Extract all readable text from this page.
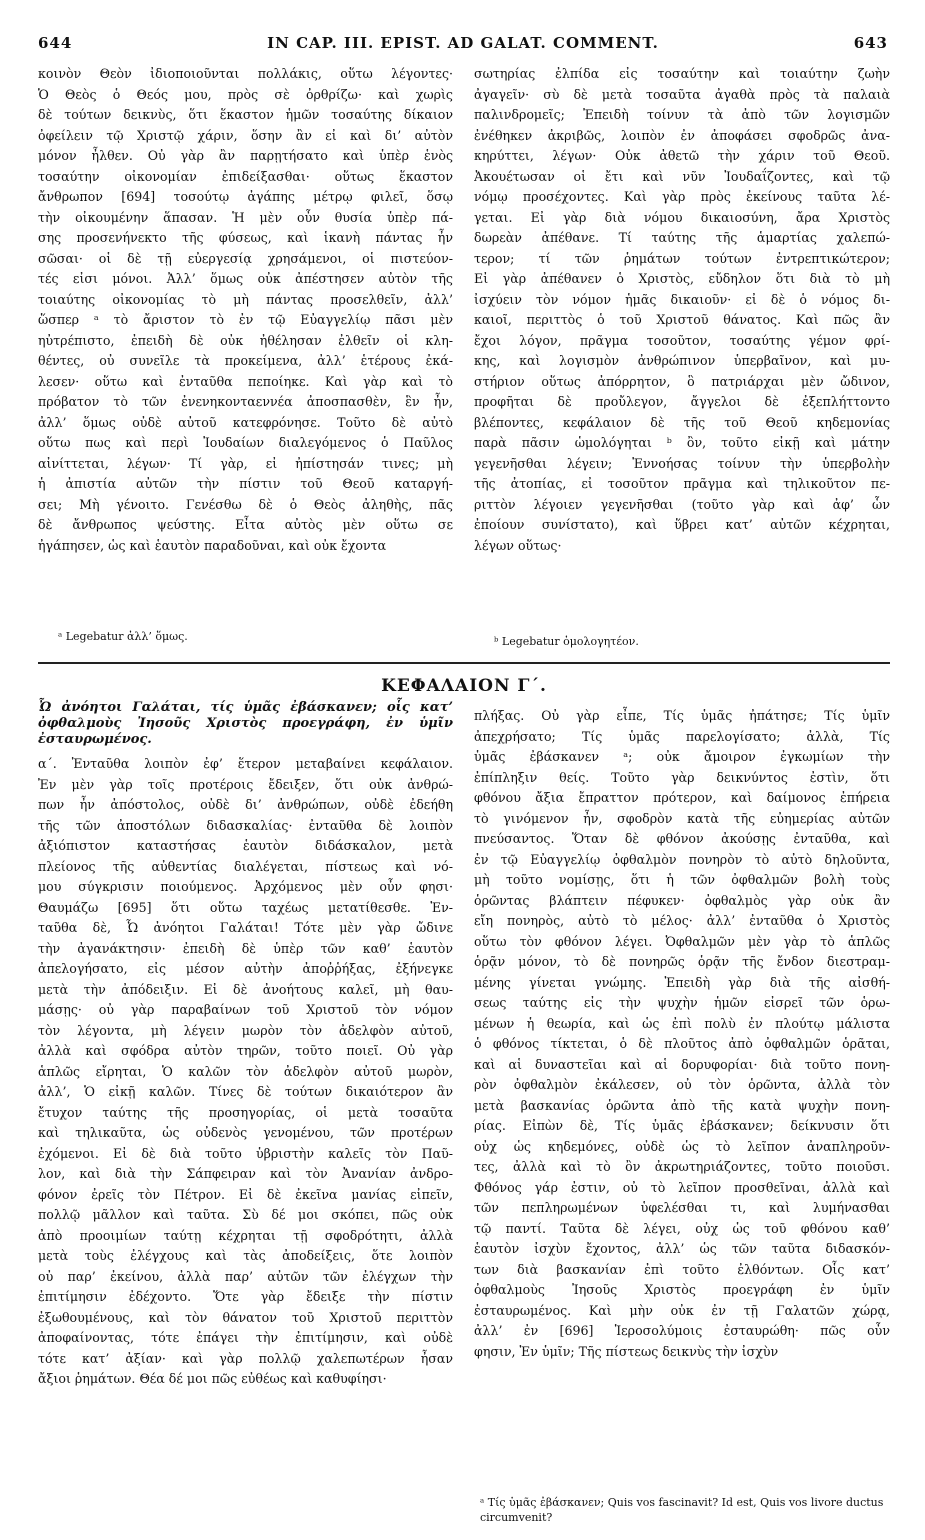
644	IN CAP. III. EPIST. AD GALAT. COMMENT.	643
κοινὸν Θεὸν ἰδιοποιοῦνται πολλάκις, οὕτω λέγοντες·
Ὁ Θεὸς ὁ Θεός μου, πρὸς σὲ ὀρθρίζω· καὶ χωρὶς
δὲ τούτων δεικνὺς, ὅτι ἕκαστον ἡμῶν τοσαύτης δίκαιον
ὀφείλειν τῷ Χριστῷ χάριν, ὅσην ἂν εἰ καὶ δι’ αὐτὸν
μόνον ἦλθεν. Οὐ γὰρ ἂν παρῃτήσατο καὶ ὑπὲρ ἑνὸς
τοσαύτην οἰκονομίαν ἐπιδείξασθαι· οὕτως ἕκαστον
ἄνθρωπον [694] τοσούτῳ ἀγάπης μέτρῳ φιλεῖ, ὅσῳ
τὴν οἰκουμένην ἅπασαν. Ἡ μὲν οὖν θυσία ὑπὲρ πά-
σης προσενήνεκτο τῆς φύσεως, καὶ ἱκανὴ πάντας ἦν
σῶσαι· οἱ δὲ τῇ εὐεργεσίᾳ χρησάμενοι, οἱ πιστεύον-
τές εἰσι μόνοι. Ἀλλ’ ὅμως οὐκ ἀπέστησεν αὐτὸν τῆς
τοιαύτης οἰκονομίας τὸ μὴ πάντας προσελθεῖν, ἀλλ’
ὥσπερ ᵃ τὸ ἄριστον τὸ ἐν τῷ Εὐαγγελίῳ πᾶσι μὲν
ηὐτρέπιστο, ἐπειδὴ δὲ οὐκ ἠθέλησαν ἐλθεῖν οἱ κλη-
θέντες, οὐ συνεῖλε τὰ προκείμενα, ἀλλ’ ἑτέρους ἐκά-
λεσεν· οὕτω καὶ ἐνταῦθα πεποίηκε. Καὶ γὰρ καὶ τὸ
πρόβατον τὸ τῶν ἐνενηκονταεννέα ἀποσπασθὲν, ἓν ἦν,
ἀλλ’ ὅμως οὐδὲ αὐτοῦ κατεφρόνησε. Τοῦτο δὲ αὐτὸ
οὕτω πως καὶ περὶ Ἰουδαίων διαλεγόμενος ὁ Παῦλος
αἰνίττεται, λέγων· Τί γὰρ, εἰ ἠπίστησάν τινες; μὴ
ἡ ἀπιστία αὐτῶν τὴν πίστιν τοῦ Θεοῦ καταργή-
σει; Μὴ γένοιτο. Γενέσθω δὲ ὁ Θεὸς ἀληθὴς, πᾶς
δὲ ἄνθρωπος ψεύστης. Εἶτα αὐτὸς μὲν οὕτω σε
ἠγάπησεν, ὡς καὶ ἑαυτὸν παραδοῦναι, καὶ οὐκ ἔχοντα
ᵃ Legebatur ἀλλ’ ὅμως.
σωτηρίας ἐλπίδα εἰς τοσαύτην καὶ τοιαύτην ζωὴν
ἀγαγεῖν· σὺ δὲ μετὰ τοσαῦτα ἀγαθὰ πρὸς τὰ παλαιὰ
παλινδρομεῖς; Ἐπειδὴ τοίνυν τὰ ἀπὸ τῶν λογισμῶν
ἐνέθηκεν ἀκριβῶς, λοιπὸν ἐν ἀποφάσει σφοδρῶς ἀνα-
κηρύττει, λέγων· Οὐκ ἀθετῶ τὴν χάριν τοῦ Θεοῦ.
Ἀκουέτωσαν οἱ ἔτι καὶ νῦν Ἰουδαΐζοντες, καὶ τῷ
νόμῳ προσέχοντες. Καὶ γὰρ πρὸς ἐκείνους ταῦτα λέ-
γεται. Εἰ γὰρ διὰ νόμου δικαιοσύνη, ἄρα Χριστὸς
δωρεὰν ἀπέθανε. Τί ταύτης τῆς ἁμαρτίας χαλεπώ-
τερον; τί τῶν ῥημάτων τούτων ἐντρεπτικώτερον;
Εἰ γὰρ ἀπέθανεν ὁ Χριστὸς, εὔδηλον ὅτι διὰ τὸ μὴ
ἰσχύειν τὸν νόμον ἡμᾶς δικαιοῦν· εἰ δὲ ὁ νόμος δι-
καιοῖ, περιττὸς ὁ τοῦ Χριστοῦ θάνατος. Καὶ πῶς ἂν
ἔχοι λόγον, πρᾶγμα τοσοῦτον, τοσαύτης γέμον φρί-
κης, καὶ λογισμὸν ἀνθρώπινον ὑπερβαῖνον, καὶ μυ-
στήριον οὕτως ἀπόρρητον, ὃ πατριάρχαι μὲν ὤδινον,
προφῆται δὲ προὔλεγον, ἄγγελοι δὲ ἐξεπλήττοντο
βλέποντες, κεφάλαιον δὲ τῆς τοῦ Θεοῦ κηδεμονίας
παρὰ πᾶσιν ὡμολόγηται ᵇ ὂν, τοῦτο εἰκῇ καὶ μάτην
γεγενῆσθαι λέγειν; Ἐννοήσας τοίνυν τὴν ὑπερβολὴν
τῆς ἀτοπίας, εἰ τοσοῦτον πρᾶγμα καὶ τηλικοῦτον πε-
ριττὸν λέγοιεν γεγενῆσθαι (τοῦτο γὰρ καὶ ἀφ’ ὧν
ἐποίουν συνίστατο), καὶ ὕβρει κατ’ αὐτῶν κέχρηται,
λέγων οὕτως·
ᵇ Legebatur ὁμολογητέον.
ΚΕΦΑΛΑΙΟΝ Γ΄.
Ὦ ἀνόητοι Γαλάται, τίς ὑμᾶς ἐβάσκανεν; οἷς κατ’ ὀφθαλμοὺς Ἰησοῦς Χριστὸς προεγράφη, ἐν ὑμῖν ἐσταυρωμένος.
α΄. Ἐνταῦθα λοιπὸν ἐφ’ ἕτερον μεταβαίνει κεφάλαιον.
Ἐν μὲν γὰρ τοῖς προτέροις ἔδειξεν, ὅτι οὐκ ἀνθρώ-
πων ἦν ἀπόστολος, οὐδὲ δι’ ἀνθρώπων, οὐδὲ ἐδεήθη
τῆς τῶν ἀποστόλων διδασκαλίας· ἐνταῦθα δὲ λοιπὸν
ἀξιόπιστον καταστήσας ἑαυτὸν διδάσκαλον, μετὰ
πλείονος τῆς αὐθεντίας διαλέγεται, πίστεως καὶ νό-
μου σύγκρισιν ποιούμενος. Ἀρχόμενος μὲν οὖν φησι·
Θαυμάζω [695] ὅτι οὕτω ταχέως μετατίθεσθε. Ἐν-
ταῦθα δὲ, Ὦ ἀνόητοι Γαλάται! Τότε μὲν γὰρ ὤδινε
τὴν ἀγανάκτησιν· ἐπειδὴ δὲ ὑπὲρ τῶν καθ’ ἑαυτὸν
ἀπελογήσατο, εἰς μέσον αὐτὴν ἀποῤῥήξας, ἐξήνεγκε
μετὰ τὴν ἀπόδειξιν. Εἰ δὲ ἀνοήτους καλεῖ, μὴ θαυ-
μάσῃς· οὐ γὰρ παραβαίνων τοῦ Χριστοῦ τὸν νόμον
τὸν λέγοντα, μὴ λέγειν μωρὸν τὸν ἀδελφὸν αὐτοῦ,
ἀλλὰ καὶ σφόδρα αὐτὸν τηρῶν, τοῦτο ποιεῖ. Οὐ γὰρ
ἁπλῶς εἴρηται, Ὁ καλῶν τὸν ἀδελφὸν αὐτοῦ μωρὸν,
ἀλλ’, Ὁ εἰκῇ καλῶν. Τίνες δὲ τούτων δικαιότερον ἂν
ἔτυχον ταύτης τῆς προσηγορίας, οἱ μετὰ τοσαῦτα
καὶ τηλικαῦτα, ὡς οὐδενὸς γενομένου, τῶν προτέρων
ἐχόμενοι. Εἰ δὲ διὰ τοῦτο ὑβριστὴν καλεῖς τὸν Παῦ-
λον, καὶ διὰ τὴν Σάπφειραν καὶ τὸν Ἀνανίαν ἀνδρο-
φόνον ἐρεῖς τὸν Πέτρον. Εἰ δὲ ἐκεῖνα μανίας εἰπεῖν,
πολλῷ μᾶλλον καὶ ταῦτα. Σὺ δέ μοι σκόπει, πῶς οὐκ
ἀπὸ προοιμίων ταύτῃ κέχρηται τῇ σφοδρότητι, ἀλλὰ
μετὰ τοὺς ἐλέγχους καὶ τὰς ἀποδείξεις, ὅτε λοιπὸν
οὐ παρ’ ἐκείνου, ἀλλὰ παρ’ αὐτῶν τῶν ἐλέγχων τὴν
ἐπιτίμησιν ἐδέχοντο. Ὅτε γὰρ ἔδειξε τὴν πίστιν
ἐξωθουμένους, καὶ τὸν θάνατον τοῦ Χριστοῦ περιττὸν
ἀποφαίνοντας, τότε ἐπάγει τὴν ἐπιτίμησιν, καὶ οὐδὲ
τότε κατ’ ἀξίαν· καὶ γὰρ πολλῷ χαλεπωτέρων ἦσαν
ἄξιοι ῥημάτων. Θέα δέ μοι πῶς εὐθέως καὶ καθυφίησι·
πλήξας. Οὐ γὰρ εἶπε, Τίς ὑμᾶς ἠπάτησε; Τίς ὑμῖν
ἀπεχρήσατο; Τίς ὑμᾶς παρελογίσατο; ἀλλὰ, Τίς
ὑμᾶς ἐβάσκανεν ᵃ; οὐκ ἄμοιρον ἐγκωμίων τὴν
ἐπίπληξιν θείς. Τοῦτο γὰρ δεικνύντος ἐστὶν, ὅτι
φθόνου ἄξια ἔπραττον πρότερον, καὶ δαίμονος ἐπήρεια
τὸ γινόμενον ἦν, σφοδρὸν κατὰ τῆς εὐημερίας αὐτῶν
πνεύσαντος. Ὅταν δὲ φθόνον ἀκούσῃς ἐνταῦθα, καὶ
ἐν τῷ Εὐαγγελίῳ ὀφθαλμὸν πονηρὸν τὸ αὐτὸ δηλοῦντα,
μὴ τοῦτο νομίσῃς, ὅτι ἡ τῶν ὀφθαλμῶν βολὴ τοὺς
ὁρῶντας βλάπτειν πέφυκεν· ὀφθαλμὸς γὰρ οὐκ ἂν
εἴη πονηρὸς, αὐτὸ τὸ μέλος· ἀλλ’ ἐνταῦθα ὁ Χριστὸς
οὕτω τὸν φθόνον λέγει. Ὀφθαλμῶν μὲν γὰρ τὸ ἁπλῶς
ὁρᾷν μόνον, τὸ δὲ πονηρῶς ὁρᾷν τῆς ἔνδον διεστραμ-
μένης γίνεται γνώμης. Ἐπειδὴ γὰρ διὰ τῆς αἰσθή-
σεως ταύτης εἰς τὴν ψυχὴν ἡμῶν εἰσρεῖ τῶν ὁρω-
μένων ἡ θεωρία, καὶ ὡς ἐπὶ πολὺ ἐν πλούτῳ μάλιστα
ὁ φθόνος τίκτεται, ὁ δὲ πλοῦτος ἀπὸ ὀφθαλμῶν ὁρᾶται,
καὶ αἱ δυναστεῖαι καὶ αἱ δορυφορίαι· διὰ τοῦτο πονη-
ρὸν ὀφθαλμὸν ἐκάλεσεν, οὐ τὸν ὁρῶντα, ἀλλὰ τὸν
μετὰ βασκανίας ὁρῶντα ἀπὸ τῆς κατὰ ψυχὴν πονη-
ρίας. Εἰπὼν δὲ, Τίς ὑμᾶς ἐβάσκανεν; δείκνυσιν ὅτι
οὐχ ὡς κηδεμόνες, οὐδὲ ὡς τὸ λεῖπον ἀναπληροῦν-
τες, ἀλλὰ καὶ τὸ ὂν ἀκρωτηριάζοντες, τοῦτο ποιοῦσι.
Φθόνος γάρ ἐστιν, οὐ τὸ λεῖπον προσθεῖναι, ἀλλὰ καὶ
τῶν πεπληρωμένων ὑφελέσθαι τι, καὶ λυμήνασθαι
τῷ παντί. Ταῦτα δὲ λέγει, οὐχ ὡς τοῦ φθόνου καθ’
ἑαυτὸν ἰσχὺν ἔχοντος, ἀλλ’ ὡς τῶν ταῦτα διδασκόν-
των διὰ βασκανίαν ἐπὶ τοῦτο ἐλθόντων. Οἷς κατ’
ὀφθαλμοὺς Ἰησοῦς Χριστὸς προεγράφη ἐν ὑμῖν
ἐσταυρωμένος. Καὶ μὴν οὐκ ἐν τῇ Γαλατῶν χώρᾳ,
ἀλλ’ ἐν [696] Ἱεροσολύμοις ἐσταυρώθη· πῶς οὖν
φησιν, Ἐν ὑμῖν; Τῆς πίστεως δεικνὺς τὴν ἰσχὺν
ᵃ Τίς ὑμᾶς ἐβάσκανεν; Quis vos fascinavit? Id est, Quis vos livore ductus circumvenit?
